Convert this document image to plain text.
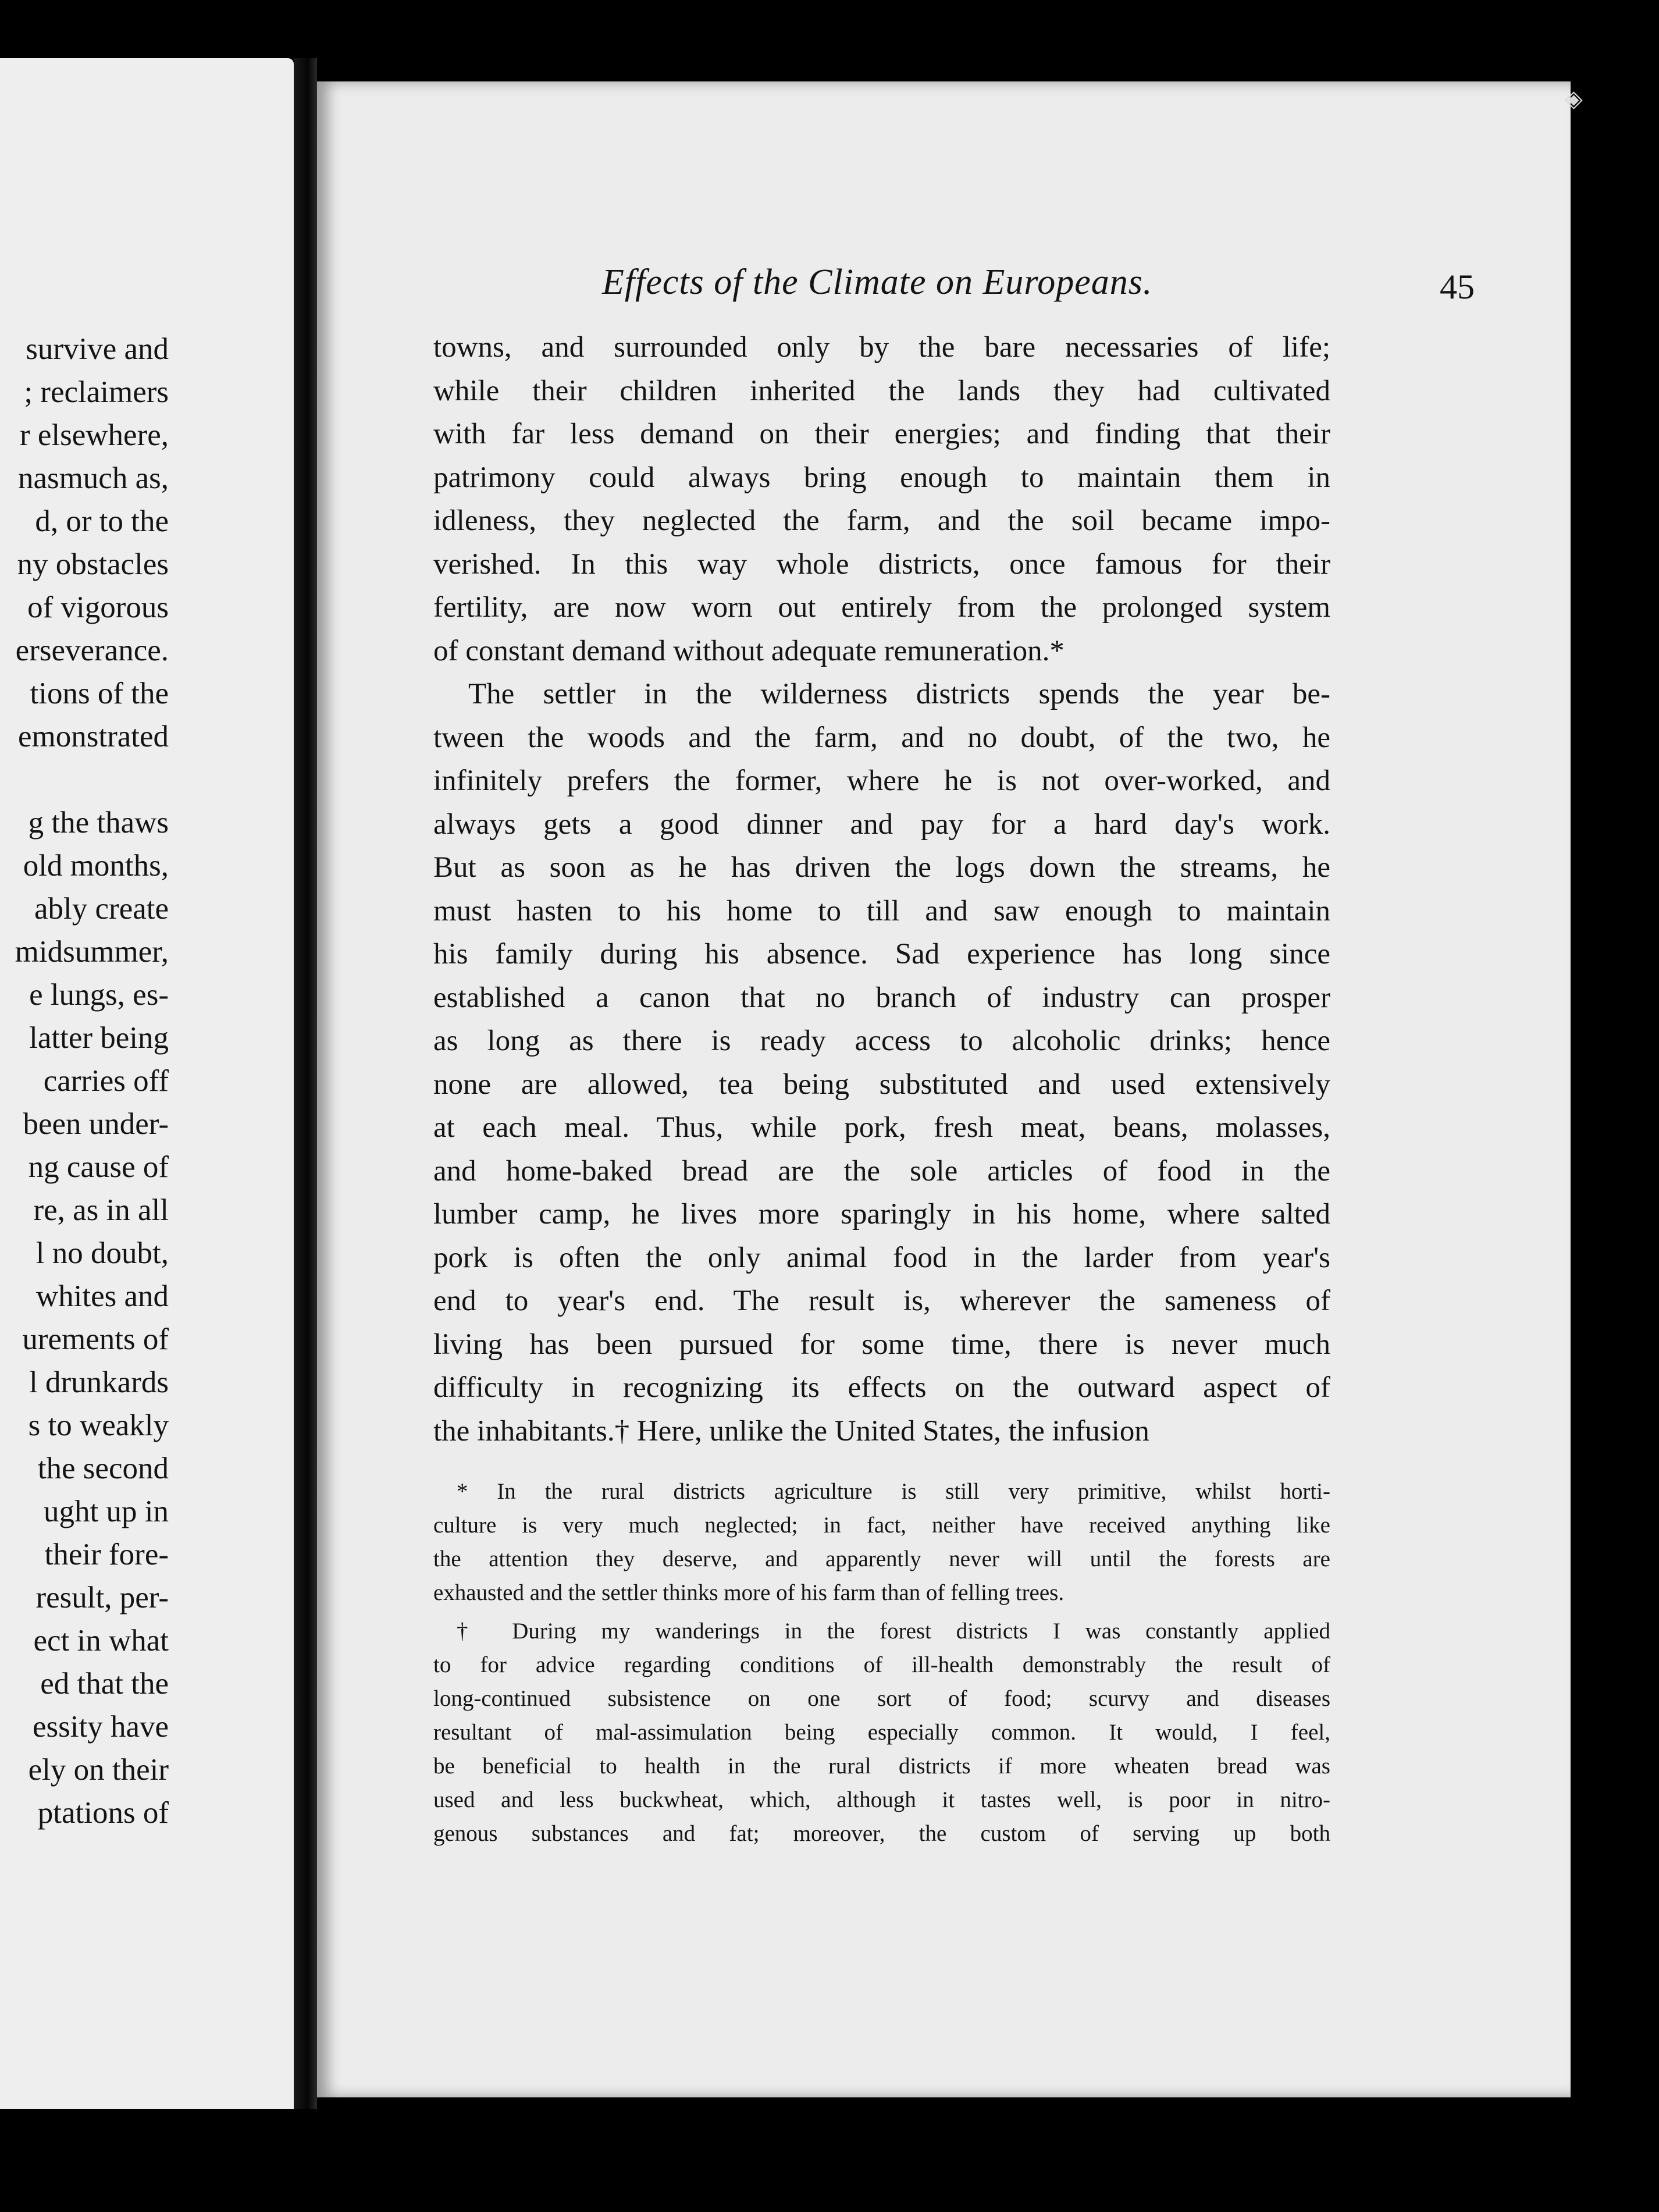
survive and
; reclaimers
r elsewhere,
nasmuch as,
d, or to the
ny obstacles
of vigorous
erseverance.
tions of the
emonstrated
g the thaws
old months,
ably create
midsummer,
e lungs, es-
latter being
carries off
been under-
ng cause of
re, as in all
l no doubt,
whites and
urements of
l drunkards
s to weakly
the second
ught up in
their fore-
result, per-
ect in what
ed that the
essity have
ely on their
ptations of
Effects of the Climate on Europeans.	45
towns, and surrounded only by the bare necessaries of life;
while their children inherited the lands they had cultivated
with far less demand on their energies; and finding that their
patrimony could always bring enough to maintain them in
idleness, they neglected the farm, and the soil became impo-
verished. In this way whole districts, once famous for their
fertility, are now worn out entirely from the prolonged system
of constant demand without adequate remuneration.*
The settler in the wilderness districts spends the year be-
tween the woods and the farm, and no doubt, of the two, he
infinitely prefers the former, where he is not over-worked, and
always gets a good dinner and pay for a hard day's work.
But as soon as he has driven the logs down the streams, he
must hasten to his home to till and saw enough to maintain
his family during his absence. Sad experience has long since
established a canon that no branch of industry can prosper
as long as there is ready access to alcoholic drinks; hence
none are allowed, tea being substituted and used extensively
at each meal. Thus, while pork, fresh meat, beans, molasses,
and home-baked bread are the sole articles of food in the
lumber camp, he lives more sparingly in his home, where salted
pork is often the only animal food in the larder from year's
end to year's end. The result is, wherever the sameness of
living has been pursued for some time, there is never much
difficulty in recognizing its effects on the outward aspect of
the inhabitants.† Here, unlike the United States, the infusion
* In the rural districts agriculture is still very primitive, whilst horti-
culture is very much neglected; in fact, neither have received anything like
the attention they deserve, and apparently never will until the forests are
exhausted and the settler thinks more of his farm than of felling trees.
† During my wanderings in the forest districts I was constantly applied
to for advice regarding conditions of ill-health demonstrably the result of
long-continued subsistence on one sort of food; scurvy and diseases
resultant of mal-assimulation being especially common. It would, I feel,
be beneficial to health in the rural districts if more wheaten bread was
used and less buckwheat, which, although it tastes well, is poor in nitro-
genous substances and fat; moreover, the custom of serving up both
◈
